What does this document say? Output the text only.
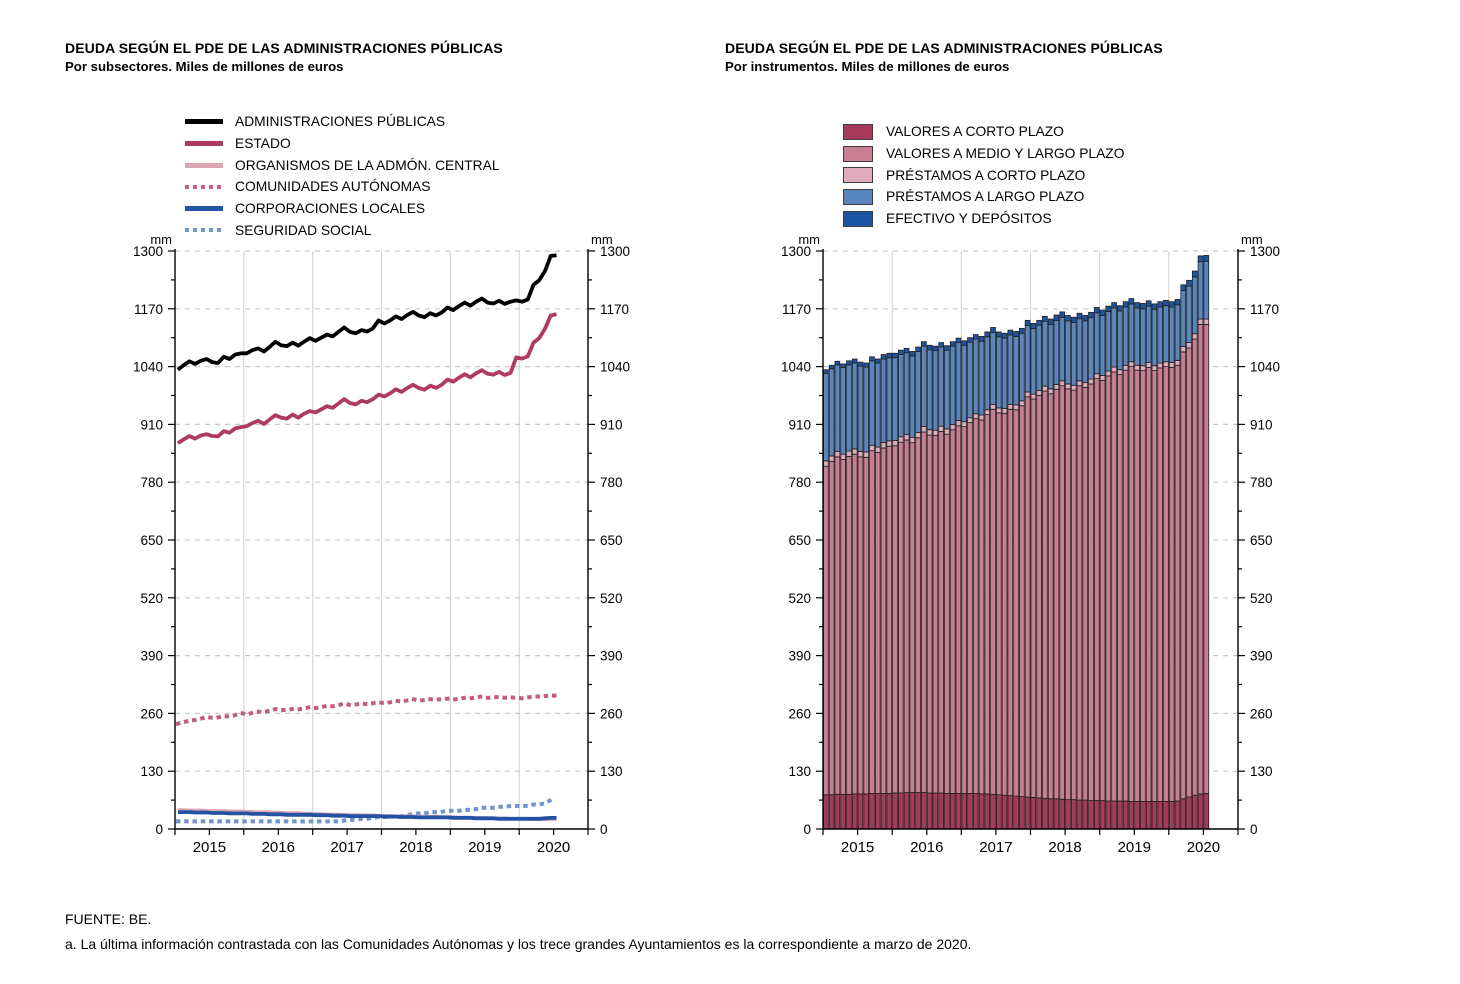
DEUDA SEGÚN EL PDE DE LAS ADMINISTRACIONES PÚBLICAS
Por subsectores. Miles de millones de euros
ADMINISTRACIONES PÚBLICAS
ESTADO
ORGANISMOS DE LA ADMÓN. CENTRAL
COMUNIDADES AUTÓNOMAS
CORPORACIONES LOCALES
SEGURIDAD SOCIAL
0	0
130	130
260	260
390	390
520	520
650	650
780	780
910	910
1040	1040
1170	1170
1300	1300
2015 2016 2017 2018 2019 2020
mm	mm
DEUDA SEGÚN EL PDE DE LAS ADMINISTRACIONES PÚBLICAS
Por instrumentos. Miles de millones de euros
VALORES A CORTO PLAZO
VALORES A MEDIO Y LARGO PLAZO
PRÉSTAMOS A CORTO PLAZO
PRÉSTAMOS A LARGO PLAZO
EFECTIVO Y DEPÓSITOS
0	0
130	130
260	260
390	390
520	520
650	650
780	780
910	910
1040	1040
1170	1170
1300	1300
2015 2016 2017 2018 2019 2020
mm	mm
FUENTE: BE.
a. La última información contrastada con las Comunidades Autónomas y los trece grandes Ayuntamientos es la correspondiente a marzo de 2020.
